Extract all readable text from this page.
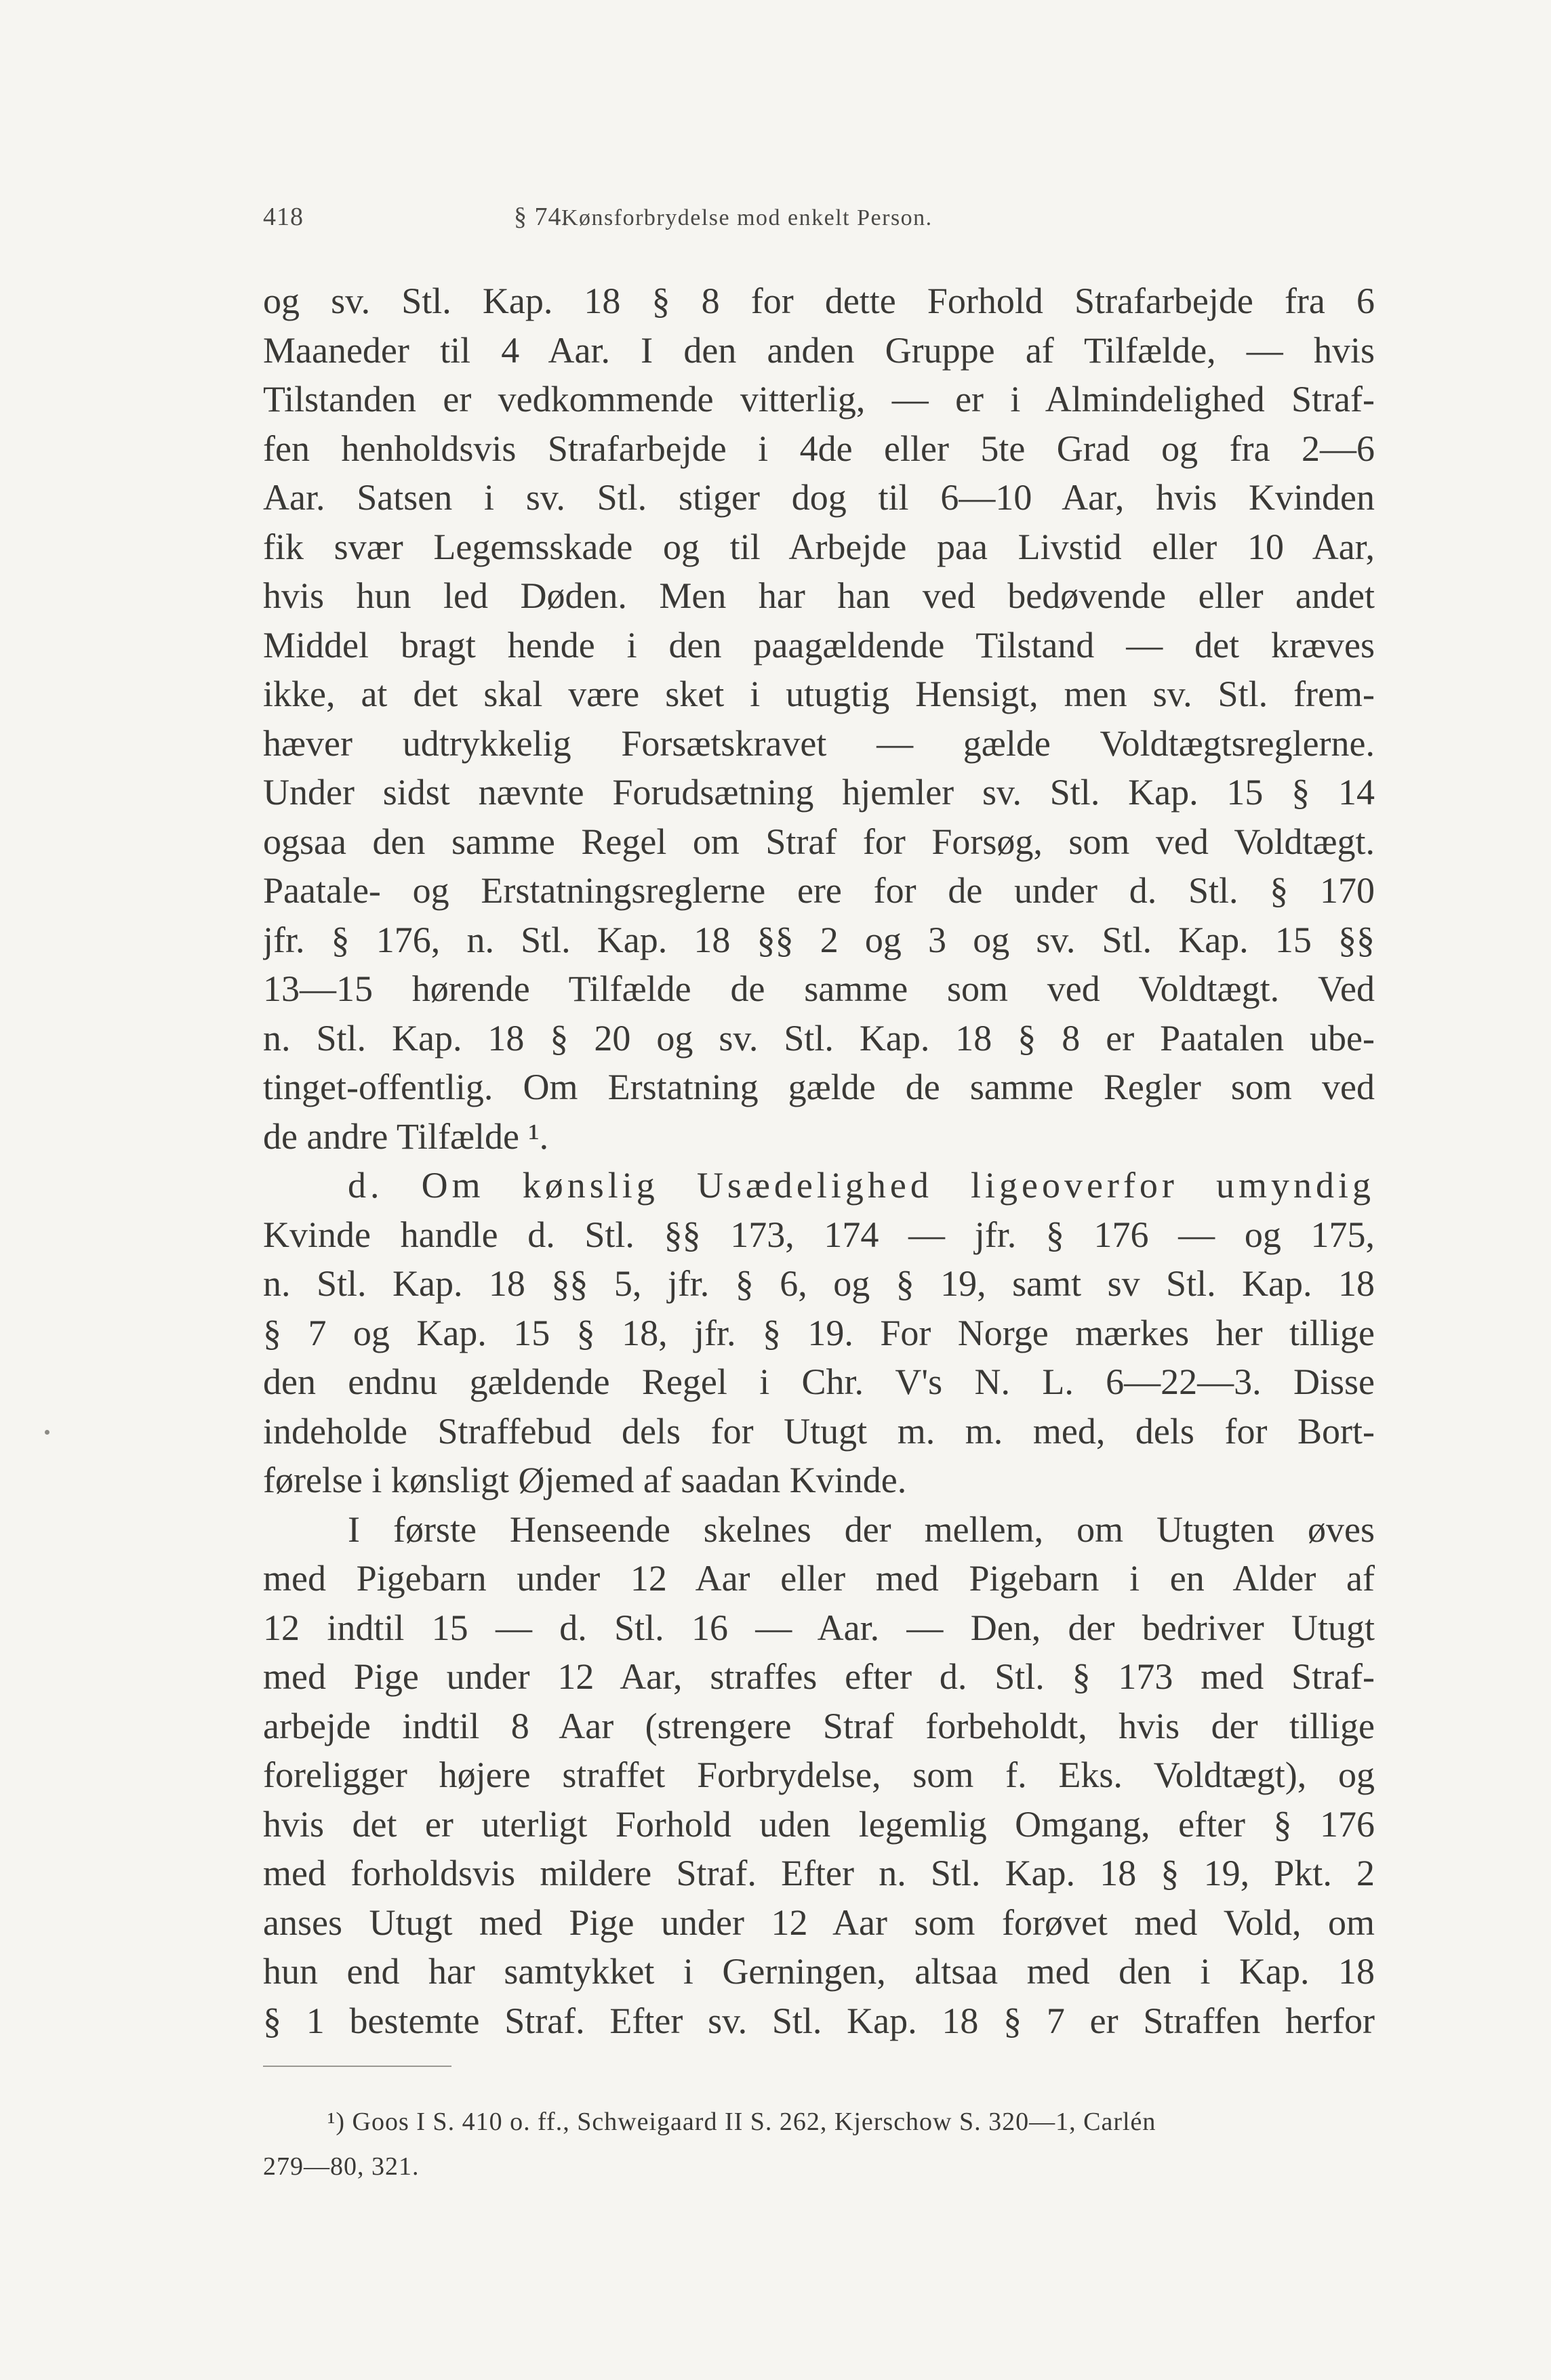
418	§ 74.Kønsforbrydelse mod enkelt Person.
og sv. Stl. Kap. 18 § 8 for dette Forhold Strafarbejde fra 6
Maaneder til 4 Aar. I den anden Gruppe af Tilfælde, — hvis
Tilstanden er vedkommende vitterlig, — er i Almindelighed Straf-
fen henholdsvis Strafarbejde i 4de eller 5te Grad og fra 2—6
Aar. Satsen i sv. Stl. stiger dog til 6—10 Aar, hvis Kvinden
fik svær Legemsskade og til Arbejde paa Livstid eller 10 Aar,
hvis hun led Døden. Men har han ved bedøvende eller andet
Middel bragt hende i den paagældende Tilstand — det kræves
ikke, at det skal være sket i utugtig Hensigt, men sv. Stl. frem-
hæver udtrykkelig Forsætskravet — gælde Voldtægtsreglerne.
Under sidst nævnte Forudsætning hjemler sv. Stl. Kap. 15 § 14
ogsaa den samme Regel om Straf for Forsøg, som ved Voldtægt.
Paatale- og Erstatningsreglerne ere for de under d. Stl. § 170
jfr. § 176, n. Stl. Kap. 18 §§ 2 og 3 og sv. Stl. Kap. 15 §§
13—15 hørende Tilfælde de samme som ved Voldtægt. Ved
n. Stl. Kap. 18 § 20 og sv. Stl. Kap. 18 § 8 er Paatalen ube-
tinget-offentlig. Om Erstatning gælde de samme Regler som ved
de andre Tilfælde ¹.
d. Om kønslig Usædelighed ligeoverfor umyndig
Kvinde handle d. Stl. §§ 173, 174 — jfr. § 176 — og 175,
n. Stl. Kap. 18 §§ 5, jfr. § 6, og § 19, samt sv Stl. Kap. 18
§ 7 og Kap. 15 § 18, jfr. § 19. For Norge mærkes her tillige
den endnu gældende Regel i Chr. V's N. L. 6—22—3. Disse
indeholde Straffebud dels for Utugt m. m. med, dels for Bort-
førelse i kønsligt Øjemed af saadan Kvinde.
I første Henseende skelnes der mellem, om Utugten øves
med Pigebarn under 12 Aar eller med Pigebarn i en Alder af
12 indtil 15 — d. Stl. 16 — Aar. — Den, der bedriver Utugt
med Pige under 12 Aar, straffes efter d. Stl. § 173 med Straf-
arbejde indtil 8 Aar (strengere Straf forbeholdt, hvis der tillige
foreligger højere straffet Forbrydelse, som f. Eks. Voldtægt), og
hvis det er uterligt Forhold uden legemlig Omgang, efter § 176
med forholdsvis mildere Straf. Efter n. Stl. Kap. 18 § 19, Pkt. 2
anses Utugt med Pige under 12 Aar som forøvet med Vold, om
hun end har samtykket i Gerningen, altsaa med den i Kap. 18
§ 1 bestemte Straf. Efter sv. Stl. Kap. 18 § 7 er Straffen herfor
¹) Goos I S. 410 o. ff., Schweigaard II S. 262, Kjerschow S. 320—1, Carlén
279—80, 321.
